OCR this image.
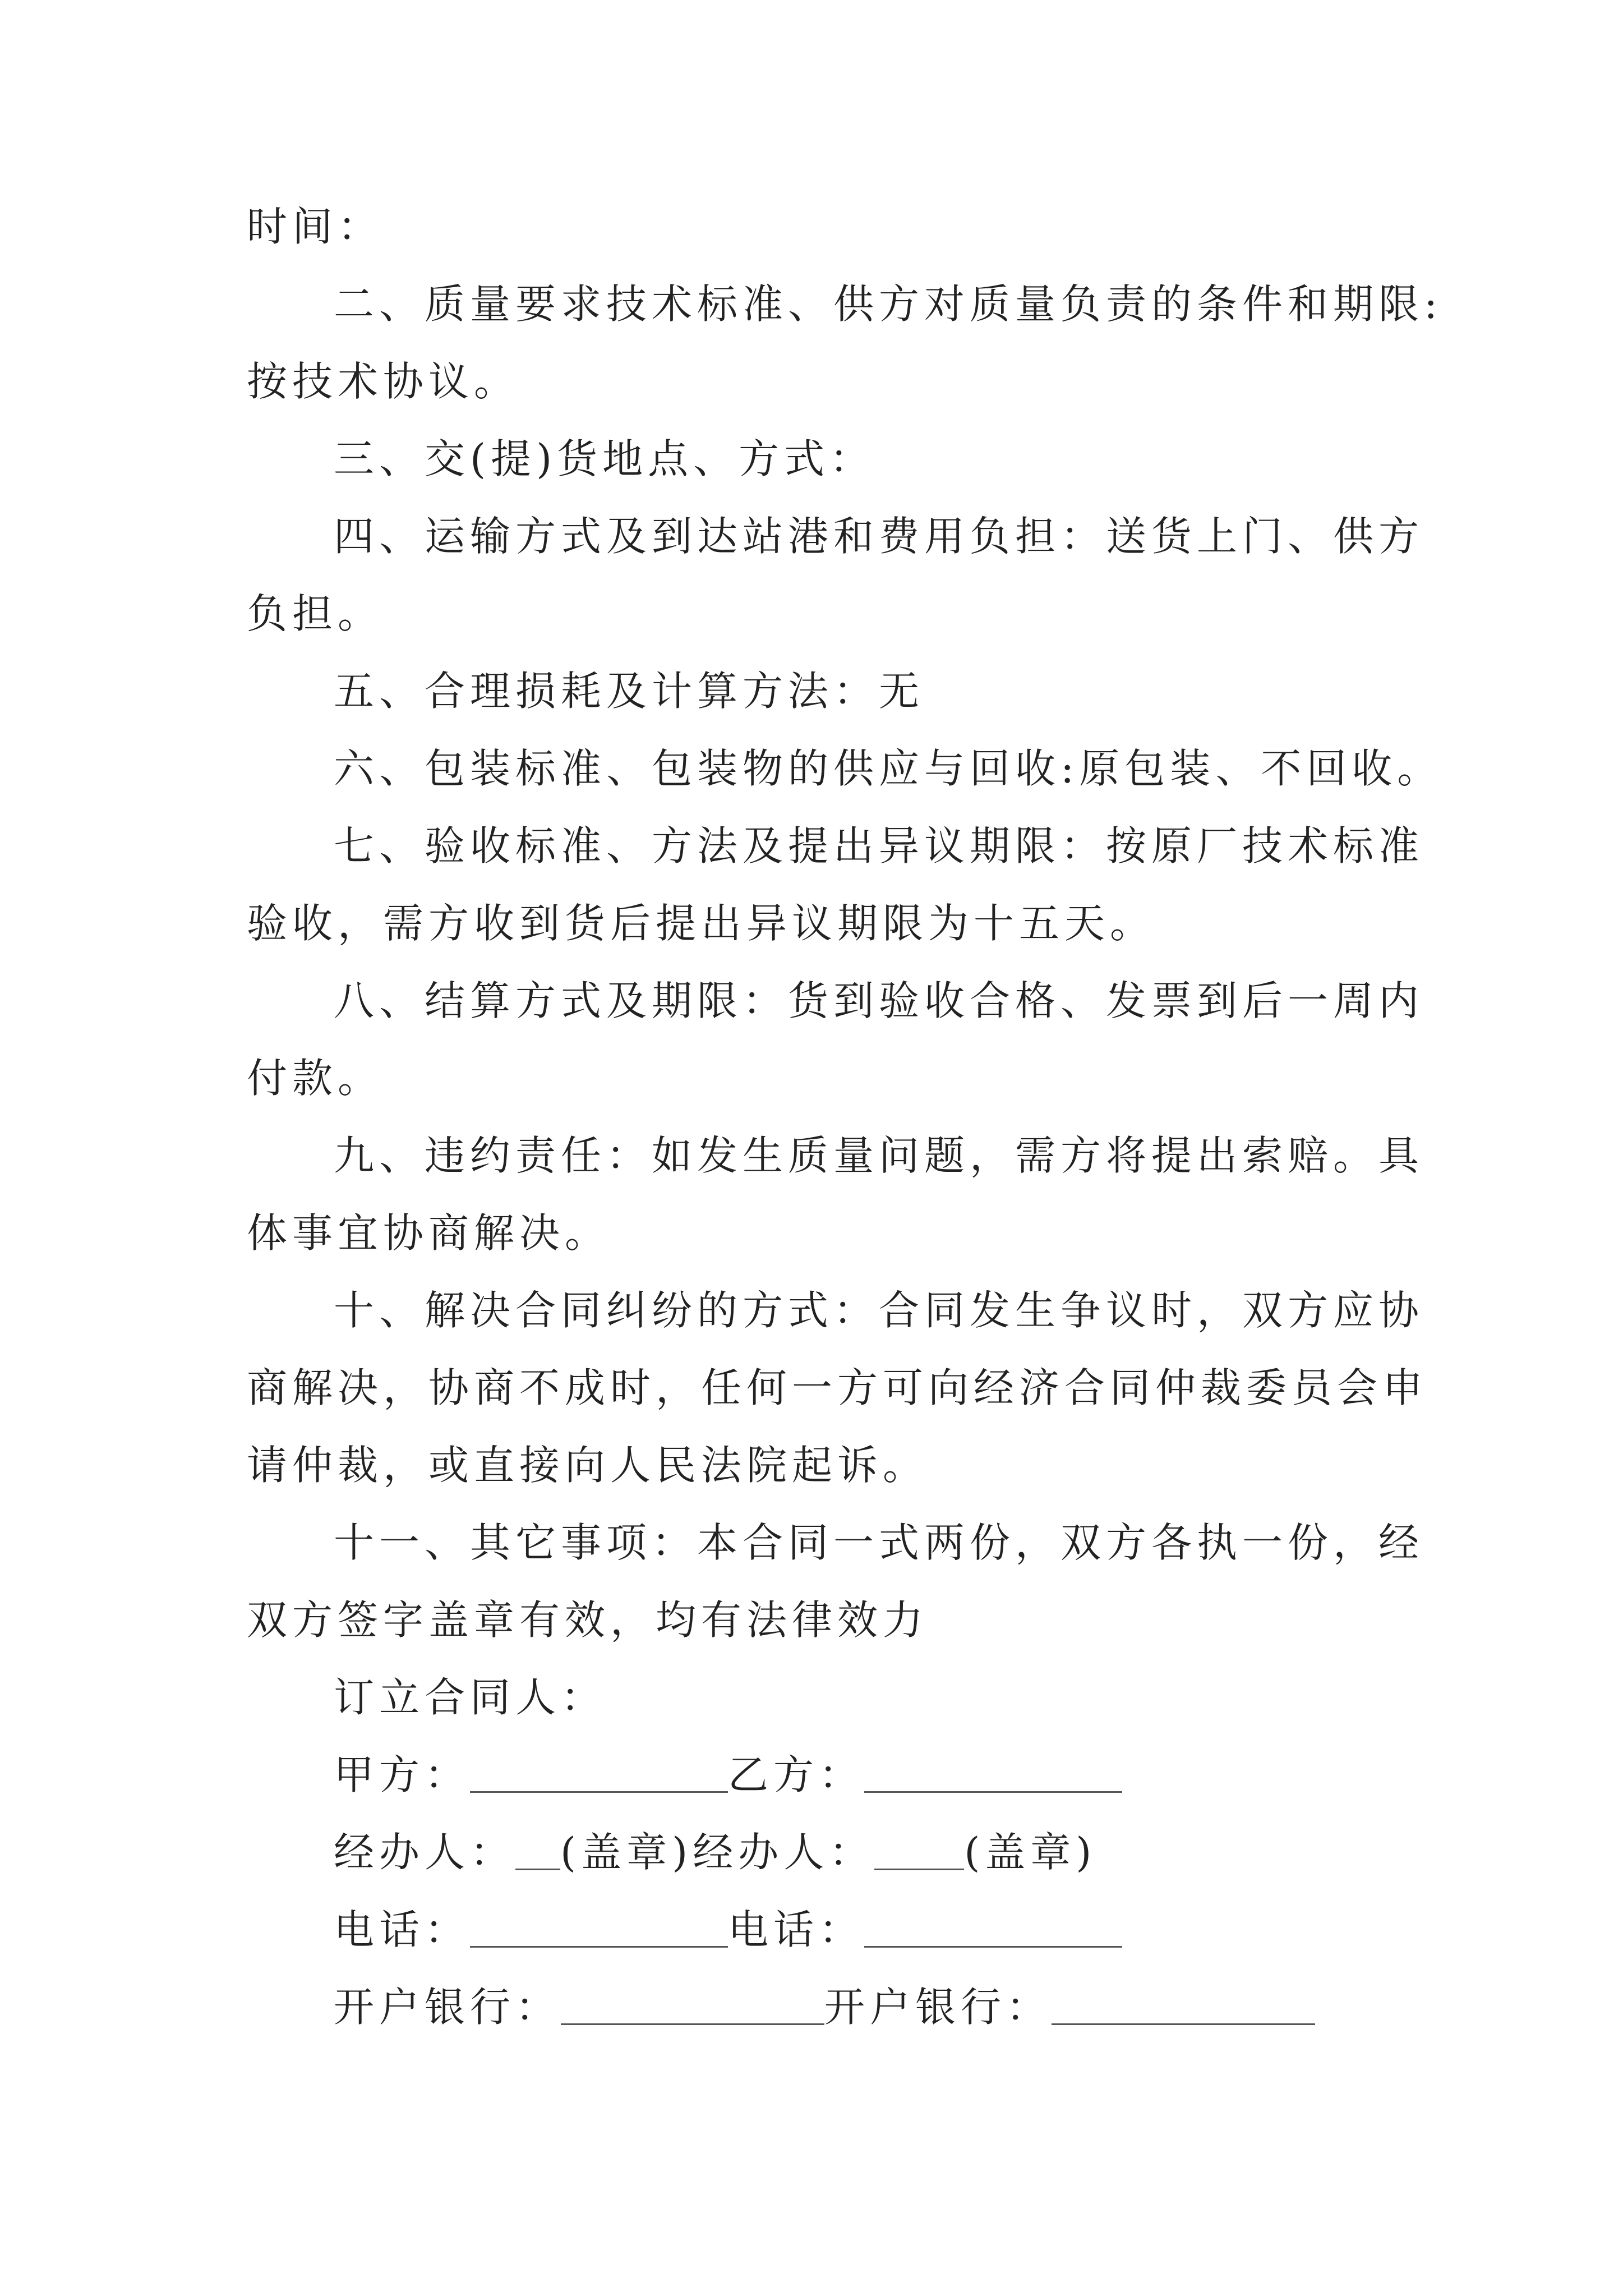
时间：

二、质量要求技术标准、供方对质量负责的条件和期限:

按技术协议。

三、交(提)货地点、方式：

四、运输方式及到达站港和费用负担：送货上门、供方

负担。

五、合理损耗及计算方法：无

六、包装标准、包装物的供应与回收:原包装、不回收。

七、验收标准、方法及提出异议期限：按原厂技术标准

验收，需方收到货后提出异议期限为十五天。

八、结算方式及期限：货到验收合格、发票到后一周内

付款。

九、违约责任：如发生质量问题，需方将提出索赔。具

体事宜协商解决。

十、解决合同纠纷的方式：合同发生争议时，双方应协

商解决，协商不成时，任何一方可向经济合同仲裁委员会申

请仲裁，或直接向人民法院起诉。

十一、其它事项：本合同一式两份，双方各执一份，经

双方签字盖章有效，均有法律效力

订立合同人：

甲方：	乙方：

经办人： (盖章)经办人： (盖章)

电话：	电话：

开户银行：	开户银行：
